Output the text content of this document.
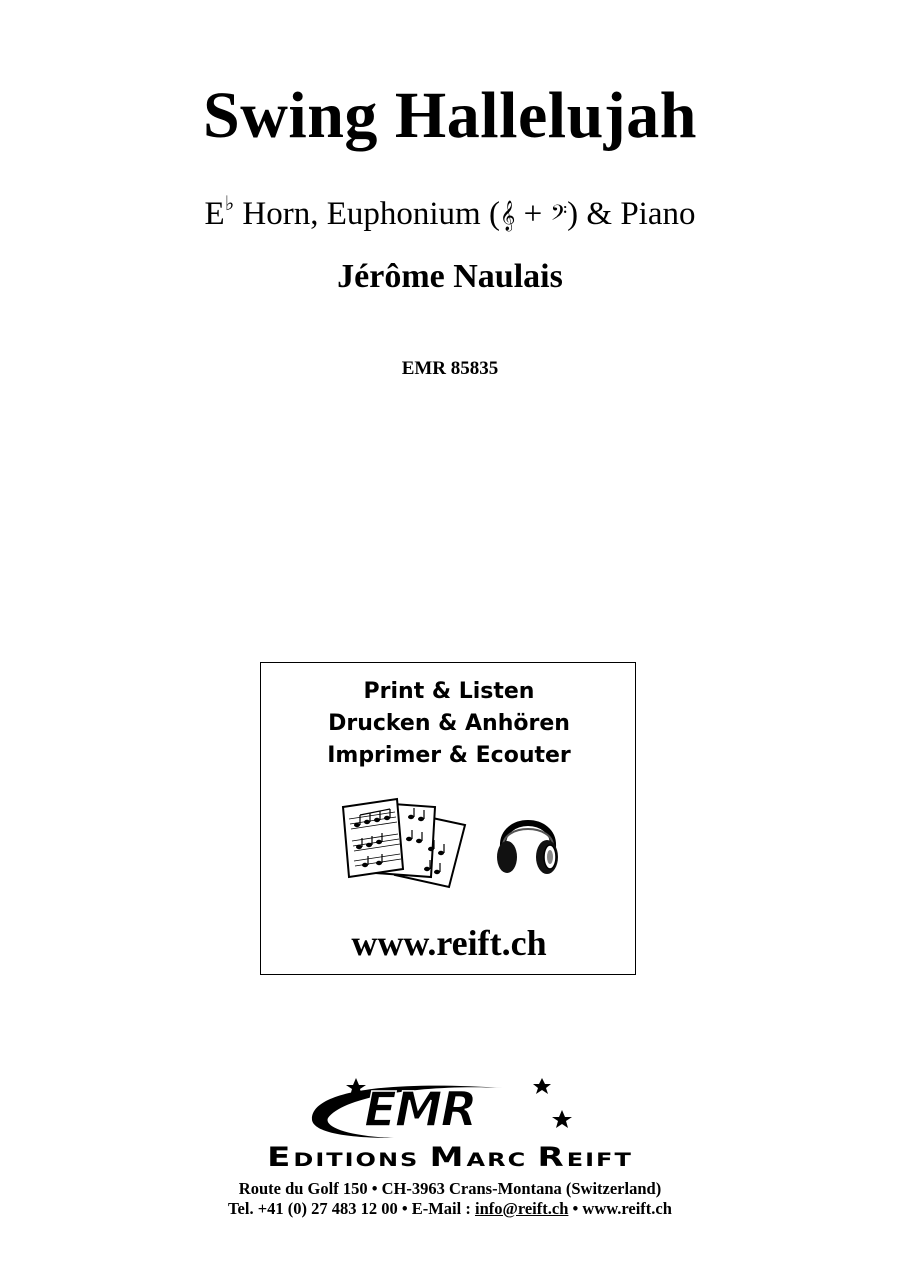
Swing Hallelujah
E♭ Horn, Euphonium (𝄞 + 𝄢) & Piano
Jérôme Naulais
EMR 85835
Print & Listen
Drucken & Anhören
Imprimer & Ecouter
www.reift.ch
EMR
EDITIONS MARC REIFT
Route du Golf 150 • CH-3963 Crans-Montana (Switzerland)
Tel. +41 (0) 27 483 12 00 • E-Mail : info@reift.ch • www.reift.ch
